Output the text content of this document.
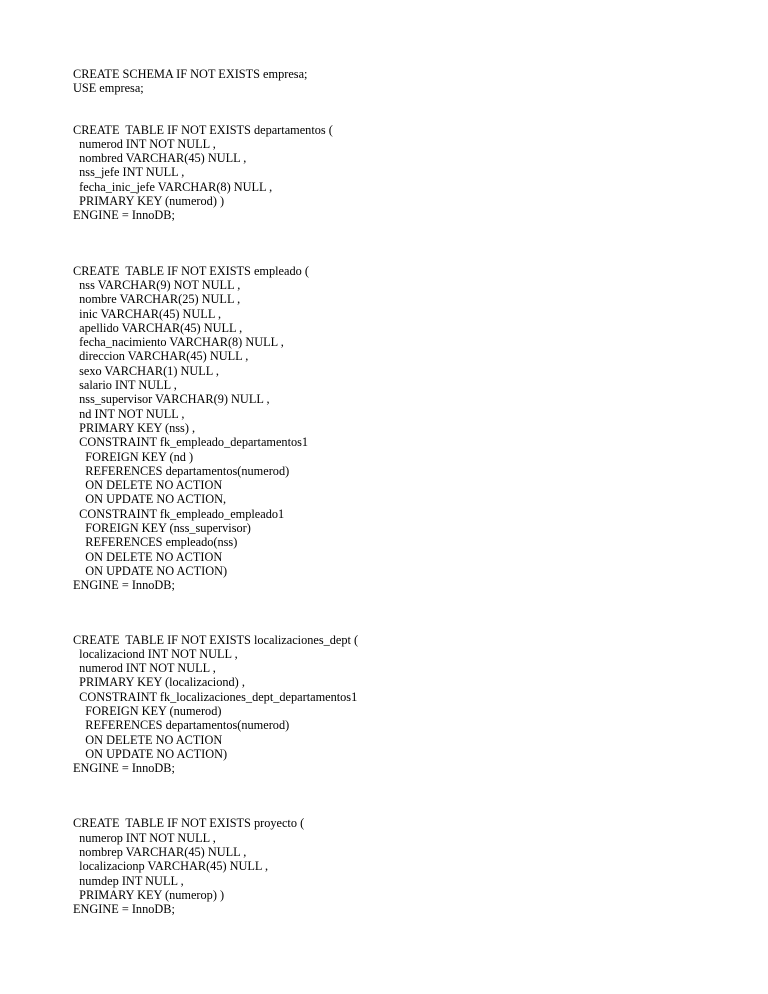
CREATE SCHEMA IF NOT EXISTS empresa;
USE empresa;
CREATE  TABLE IF NOT EXISTS departamentos (
numerod INT NOT NULL ,
nombred VARCHAR(45) NULL ,
nss_jefe INT NULL ,
fecha_inic_jefe VARCHAR(8) NULL ,
PRIMARY KEY (numerod) )
ENGINE = InnoDB;
CREATE  TABLE IF NOT EXISTS empleado (
nss VARCHAR(9) NOT NULL ,
nombre VARCHAR(25) NULL ,
inic VARCHAR(45) NULL ,
apellido VARCHAR(45) NULL ,
fecha_nacimiento VARCHAR(8) NULL ,
direccion VARCHAR(45) NULL ,
sexo VARCHAR(1) NULL ,
salario INT NULL ,
nss_supervisor VARCHAR(9) NULL ,
nd INT NOT NULL ,
PRIMARY KEY (nss) ,
CONSTRAINT fk_empleado_departamentos1
FOREIGN KEY (nd )
REFERENCES departamentos(numerod)
ON DELETE NO ACTION
ON UPDATE NO ACTION,
CONSTRAINT fk_empleado_empleado1
FOREIGN KEY (nss_supervisor)
REFERENCES empleado(nss)
ON DELETE NO ACTION
ON UPDATE NO ACTION)
ENGINE = InnoDB;
CREATE  TABLE IF NOT EXISTS localizaciones_dept (
localizaciond INT NOT NULL ,
numerod INT NOT NULL ,
PRIMARY KEY (localizaciond) ,
CONSTRAINT fk_localizaciones_dept_departamentos1
FOREIGN KEY (numerod)
REFERENCES departamentos(numerod)
ON DELETE NO ACTION
ON UPDATE NO ACTION)
ENGINE = InnoDB;
CREATE  TABLE IF NOT EXISTS proyecto (
numerop INT NOT NULL ,
nombrep VARCHAR(45) NULL ,
localizacionp VARCHAR(45) NULL ,
numdep INT NULL ,
PRIMARY KEY (numerop) )
ENGINE = InnoDB;
